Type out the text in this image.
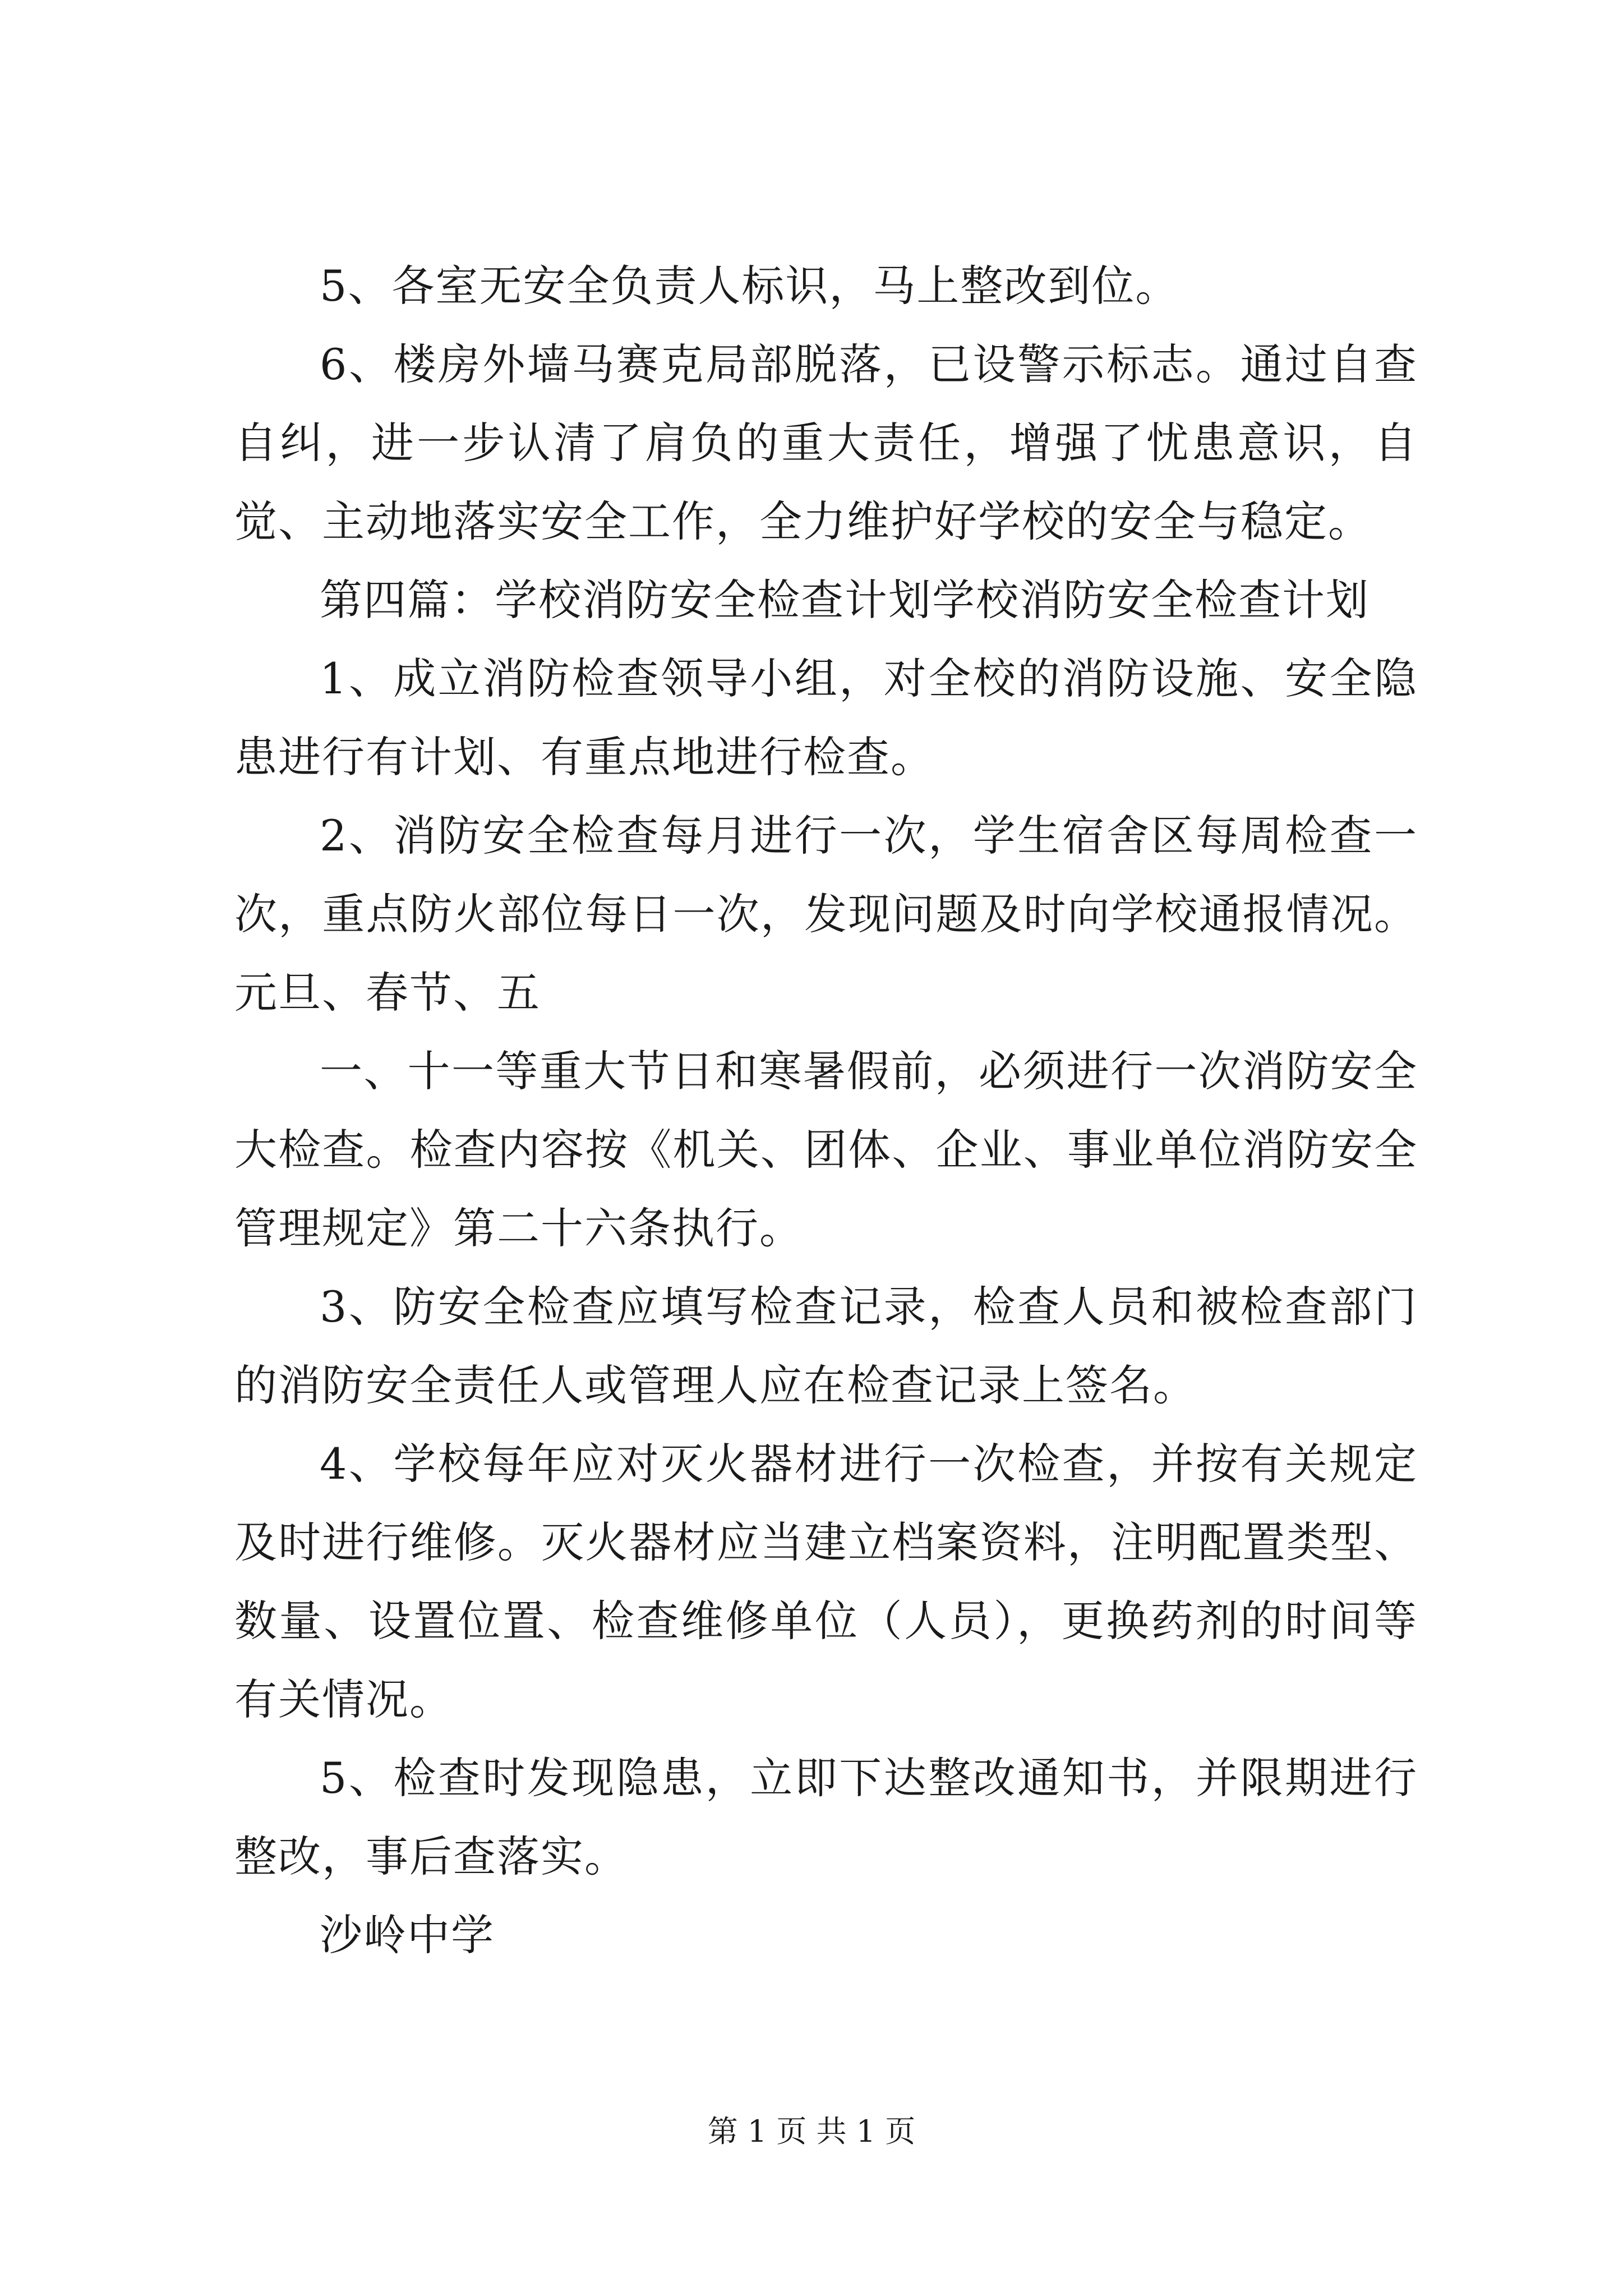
5、各室无安全负责人标识，马上整改到位。

6、楼房外墙马赛克局部脱落，已设警示标志。通过自查自纠，进一步认清了肩负的重大责任，增强了忧患意识，自觉、主动地落实安全工作，全力维护好学校的安全与稳定。

第四篇：学校消防安全检查计划学校消防安全检查计划

1、成立消防检查领导小组，对全校的消防设施、安全隐患进行有计划、有重点地进行检查。

2、消防安全检查每月进行一次，学生宿舍区每周检查一次，重点防火部位每日一次，发现问题及时向学校通报情况。元旦、春节、五

一、十一等重大节日和寒暑假前，必须进行一次消防安全大检查。检查内容按《机关、团体、企业、事业单位消防安全管理规定》第二十六条执行。

3、防安全检查应填写检查记录，检查人员和被检查部门的消防安全责任人或管理人应在检查记录上签名。

4、学校每年应对灭火器材进行一次检查，并按有关规定及时进行维修。灭火器材应当建立档案资料，注明配置类型、数量、设置位置、检查维修单位（人员），更换药剂的时间等有关情况。

5、检查时发现隐患，立即下达整改通知书，并限期进行整改，事后查落实。

沙岭中学

第 1 页 共 1 页
